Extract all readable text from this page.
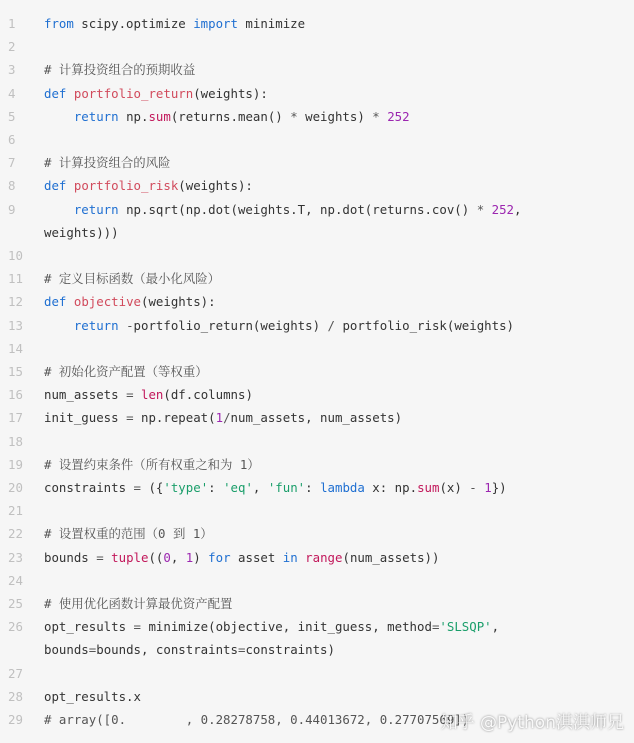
1	from scipy.optimize import minimize
2
3	# 计算投资组合的预期收益
4	def portfolio_return(weights):
5	return np.sum(returns.mean() * weights) * 252
6
7	# 计算投资组合的风险
8	def portfolio_risk(weights):
9	return np.sqrt(np.dot(weights.T, np.dot(returns.cov() * 252,
weights)))
10
11	# 定义目标函数（最小化风险）
12	def objective(weights):
13	return -portfolio_return(weights) / portfolio_risk(weights)
14
15	# 初始化资产配置（等权重）
16	num_assets = len(df.columns)
17	init_guess = np.repeat(1/num_assets, num_assets)
18
19	# 设置约束条件（所有权重之和为 1）
20	constraints = ({'type': 'eq', 'fun': lambda x: np.sum(x) - 1})
21
22	# 设置权重的范围（0 到 1）
23	bounds = tuple((0, 1) for asset in range(num_assets))
24
25	# 使用优化函数计算最优资产配置
26	opt_results = minimize(objective, init_guess, method='SLSQP',
bounds=bounds, constraints=constraints)
27
28	opt_results.x
29	# array([0.        , 0.28278758, 0.44013672, 0.27707569])
知乎 @Python淇淇师兄
